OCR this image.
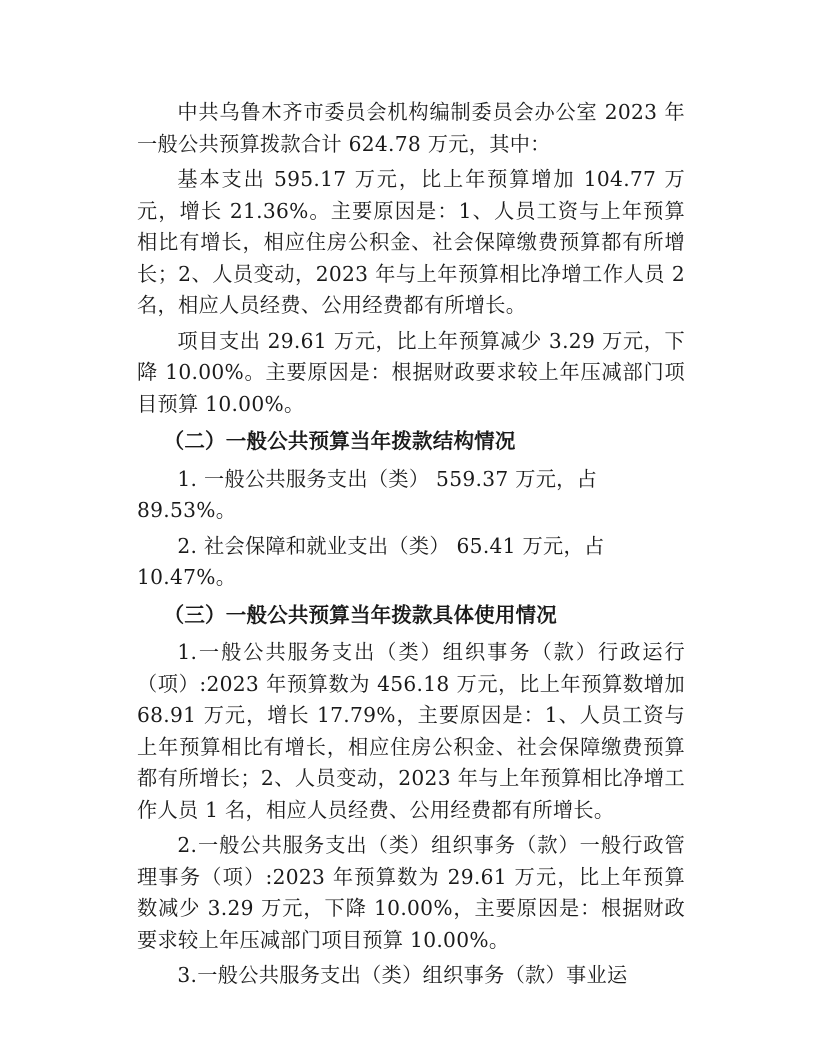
中共乌鲁木齐市委员会机构编制委员会办公室 2023 年一般公共预算拨款合计 624.78 万元，其中：

基本支出 595.17 万元，比上年预算增加 104.77 万元，增长 21.36%。主要原因是：1、人员工资与上年预算相比有增长，相应住房公积金、社会保障缴费预算都有所增长；2、人员变动，2023 年与上年预算相比净增工作人员 2 名，相应人员经费、公用经费都有所增长。

项目支出 29.61 万元，比上年预算减少 3.29 万元，下降 10.00%。主要原因是：根据财政要求较上年压减部门项目预算 10.00%。

（二）一般公共预算当年拨款结构情况

1. 一般公共服务支出（类） 559.37 万元，占 89.53%。

2. 社会保障和就业支出（类） 65.41 万元，占 10.47%。

（三）一般公共预算当年拨款具体使用情况

1.一般公共服务支出（类）组织事务（款）行政运行（项）:2023 年预算数为 456.18 万元，比上年预算数增加 68.91 万元，增长 17.79%，主要原因是：1、人员工资与上年预算相比有增长，相应住房公积金、社会保障缴费预算都有所增长；2、人员变动，2023 年与上年预算相比净增工作人员 1 名，相应人员经费、公用经费都有所增长。

2.一般公共服务支出（类）组织事务（款）一般行政管理事务（项）:2023 年预算数为 29.61 万元，比上年预算数减少 3.29 万元，下降 10.00%，主要原因是：根据财政要求较上年压减部门项目预算 10.00%。

3.一般公共服务支出（类）组织事务（款）事业运
